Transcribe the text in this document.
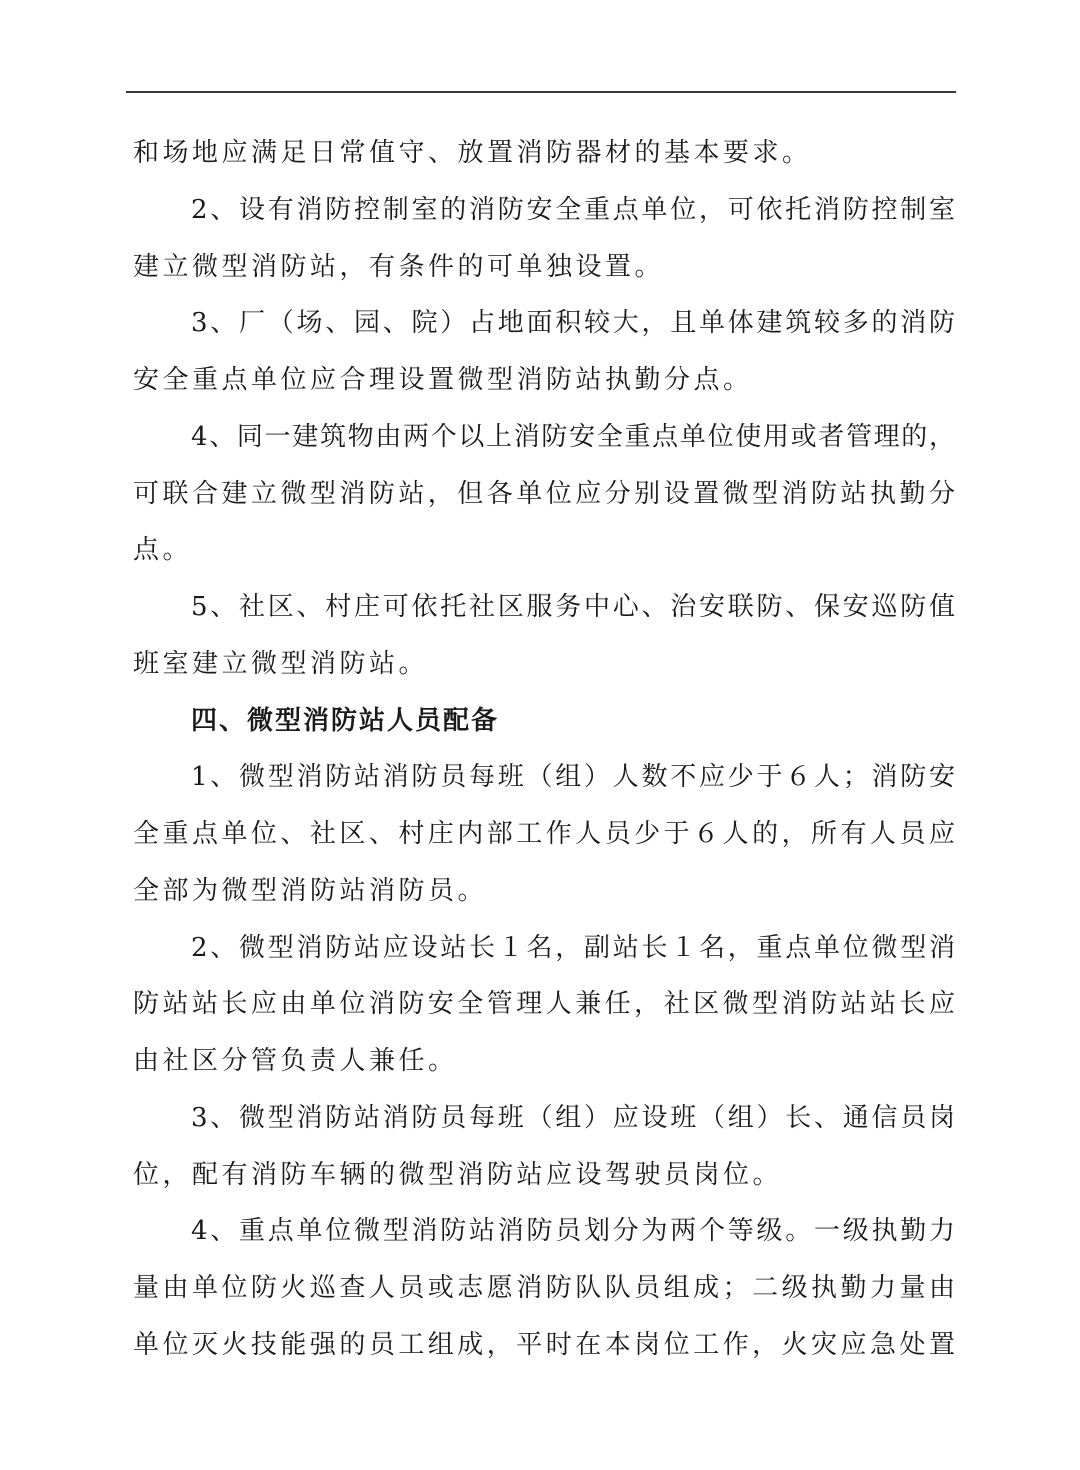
和场地应满足日常值守、放置消防器材的基本要求。
2、设有消防控制室的消防安全重点单位，可依托消防控制室
建立微型消防站，有条件的可单独设置。
3、厂（场、园、院）占地面积较大，且单体建筑较多的消防
安全重点单位应合理设置微型消防站执勤分点。
4、同一建筑物由两个以上消防安全重点单位使用或者管理的，
可联合建立微型消防站，但各单位应分别设置微型消防站执勤分
点。
5、社区、村庄可依托社区服务中心、治安联防、保安巡防值
班室建立微型消防站。
四、微型消防站人员配备
1、微型消防站消防员每班（组）人数不应少于６人；消防安
全重点单位、社区、村庄内部工作人员少于６人的，所有人员应
全部为微型消防站消防员。
2、微型消防站应设站长１名，副站长１名，重点单位微型消
防站站长应由单位消防安全管理人兼任，社区微型消防站站长应
由社区分管负责人兼任。
3、微型消防站消防员每班（组）应设班（组）长、通信员岗
位，配有消防车辆的微型消防站应设驾驶员岗位。
4、重点单位微型消防站消防员划分为两个等级。一级执勤力
量由单位防火巡查人员或志愿消防队队员组成；二级执勤力量由
单位灭火技能强的员工组成，平时在本岗位工作，火灾应急处置
